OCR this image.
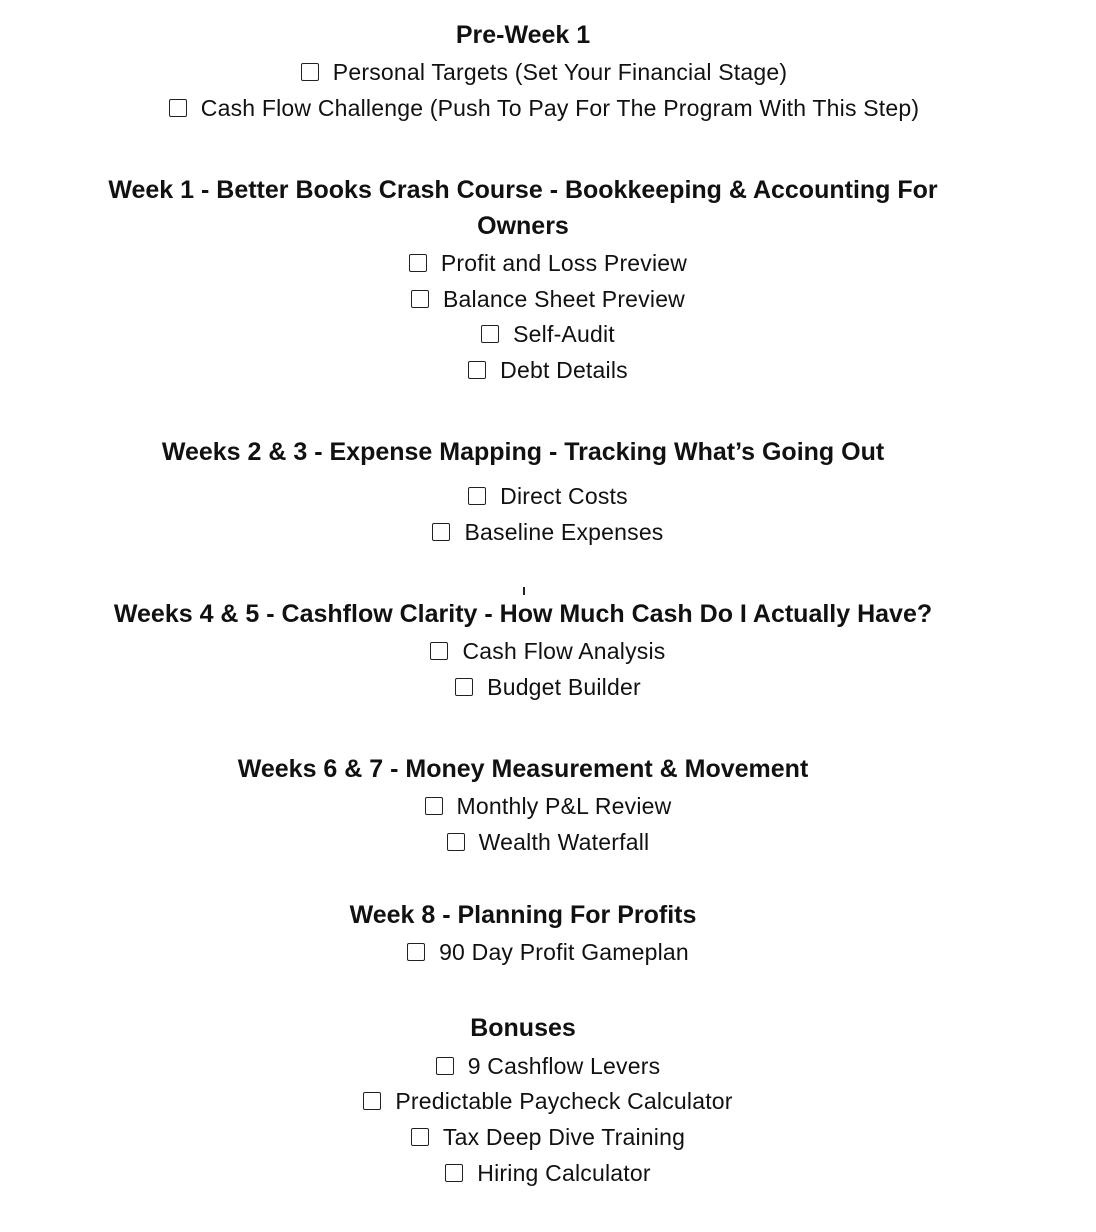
Pre-Week 1
Personal Targets (Set Your Financial Stage)
Cash Flow Challenge (Push To Pay For The Program With This Step)
Week 1 - Better Books Crash Course - Bookkeeping & Accounting For
Owners
Profit and Loss Preview
Balance Sheet Preview
Self-Audit
Debt Details
Weeks 2 & 3 - Expense Mapping - Tracking What’s Going Out
Direct Costs
Baseline Expenses
Weeks 4 & 5 - Cashflow Clarity - How Much Cash Do I Actually Have?
Cash Flow Analysis
Budget Builder
Weeks 6 & 7 - Money Measurement & Movement
Monthly P&L Review
Wealth Waterfall
Week 8 - Planning For Profits
90 Day Profit Gameplan
Bonuses
9 Cashflow Levers
Predictable Paycheck Calculator
Tax Deep Dive Training
Hiring Calculator
